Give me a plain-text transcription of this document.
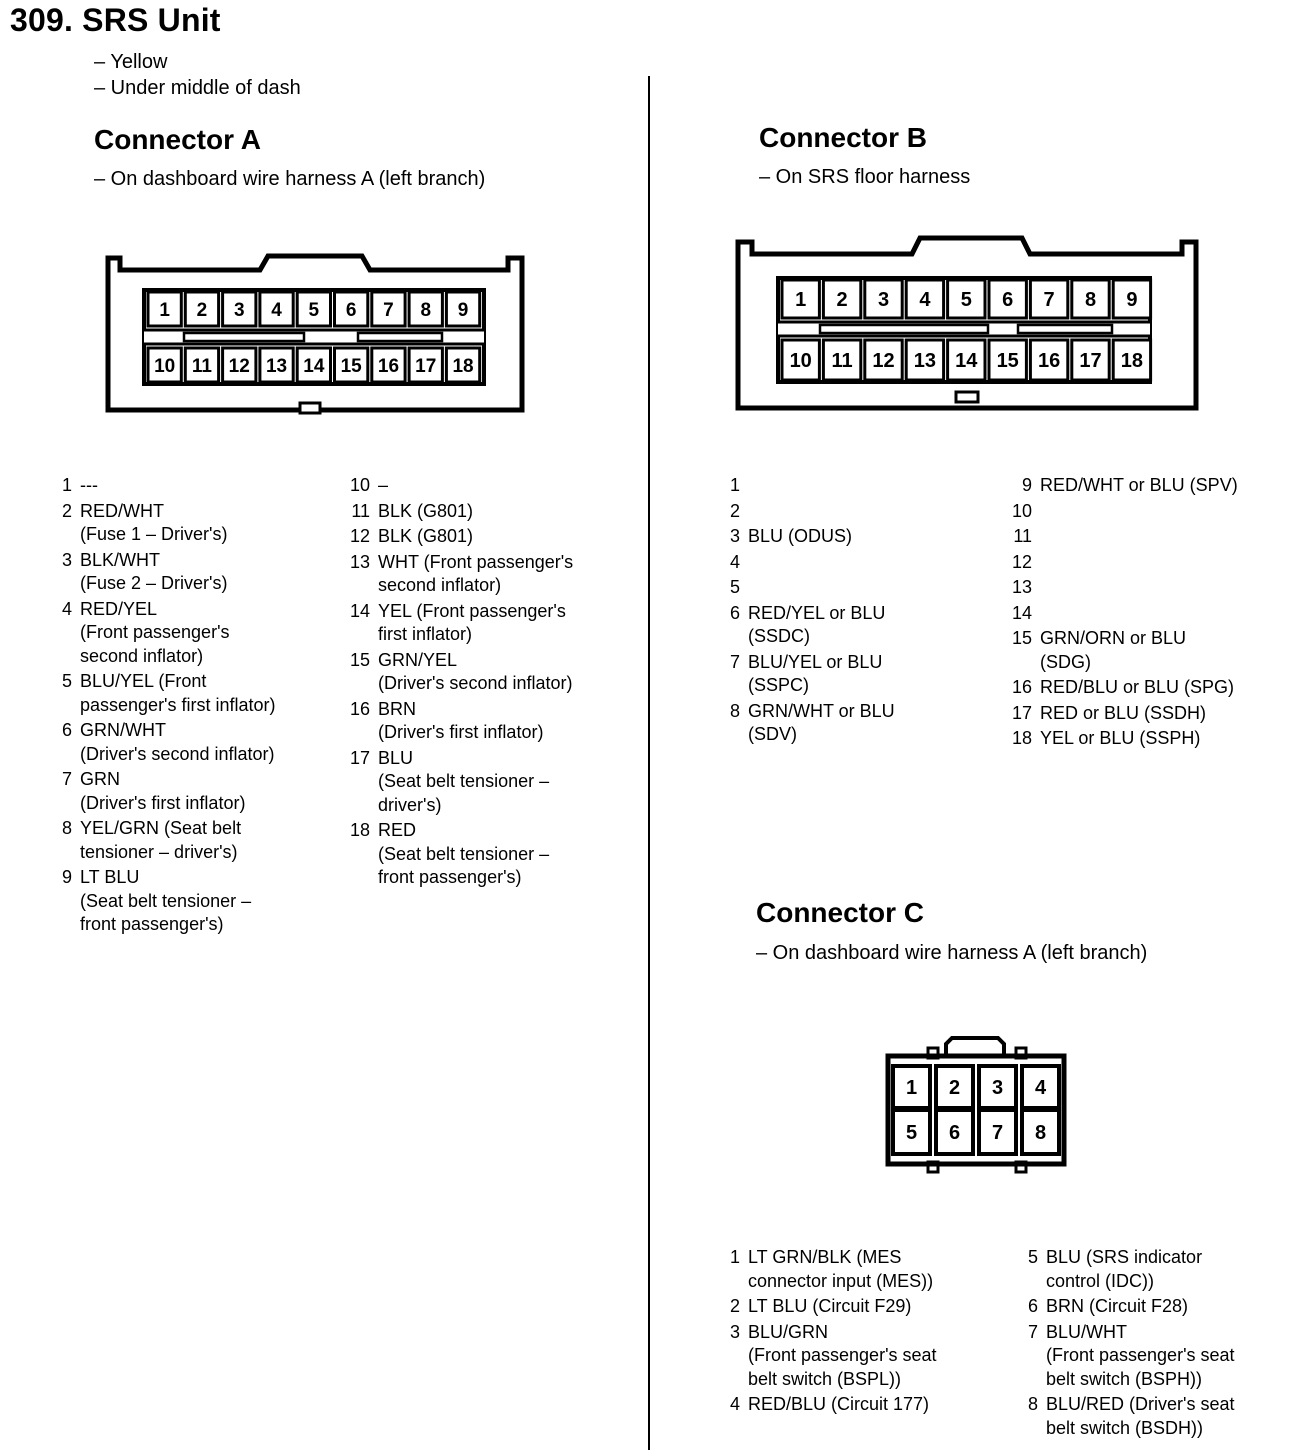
309. SRS Unit
– Yellow
– Under middle of dash
Connector A
– On dashboard wire harness A (left branch)
1 2 3 4 5 6 7 8 9
10 11 12 13 14 15 16 17 18
1 ---
2 RED/WHT
(Fuse 1 – Driver's)
3 BLK/WHT
(Fuse 2 – Driver's)
4 RED/YEL
(Front passenger's
second inflator)
5 BLU/YEL (Front
passenger's first inflator)
6 GRN/WHT
(Driver's second inflator)
7 GRN
(Driver's first inflator)
8 YEL/GRN (Seat belt
tensioner – driver's)
9 LT BLU
(Seat belt tensioner –
front passenger's)
10 –
11 BLK (G801)
12 BLK (G801)
13 WHT (Front passenger's
second inflator)
14 YEL (Front passenger's
first inflator)
15 GRN/YEL
(Driver's second inflator)
16 BRN
(Driver's first inflator)
17 BLU
(Seat belt tensioner –
driver's)
18 RED
(Seat belt tensioner –
front passenger's)
Connector B
– On SRS floor harness
1 2 3 4 5 6 7 8 9
10 11 12 13 14 15 16 17 18
1

2

3 BLU (ODUS)
4

5

6 RED/YEL or BLU
(SSDC)
7 BLU/YEL or BLU
(SSPC)
8 GRN/WHT or BLU
(SDV)
9 RED/WHT or BLU (SPV)
10

11

12

13

14

15 GRN/ORN or BLU
(SDG)
16 RED/BLU or BLU (SPG)
17 RED or BLU (SSDH)
18 YEL or BLU (SSPH)
Connector C
– On dashboard wire harness A (left branch)
1 2 3 4
5 6 7 8
1 LT GRN/BLK (MES
connector input (MES))
2 LT BLU (Circuit F29)
3 BLU/GRN
(Front passenger's seat
belt switch (BSPL))
4 RED/BLU (Circuit 177)
5 BLU (SRS indicator
control (IDC))
6 BRN (Circuit F28)
7 BLU/WHT
(Front passenger's seat
belt switch (BSPH))
8 BLU/RED (Driver's seat
belt switch (BSDH))
